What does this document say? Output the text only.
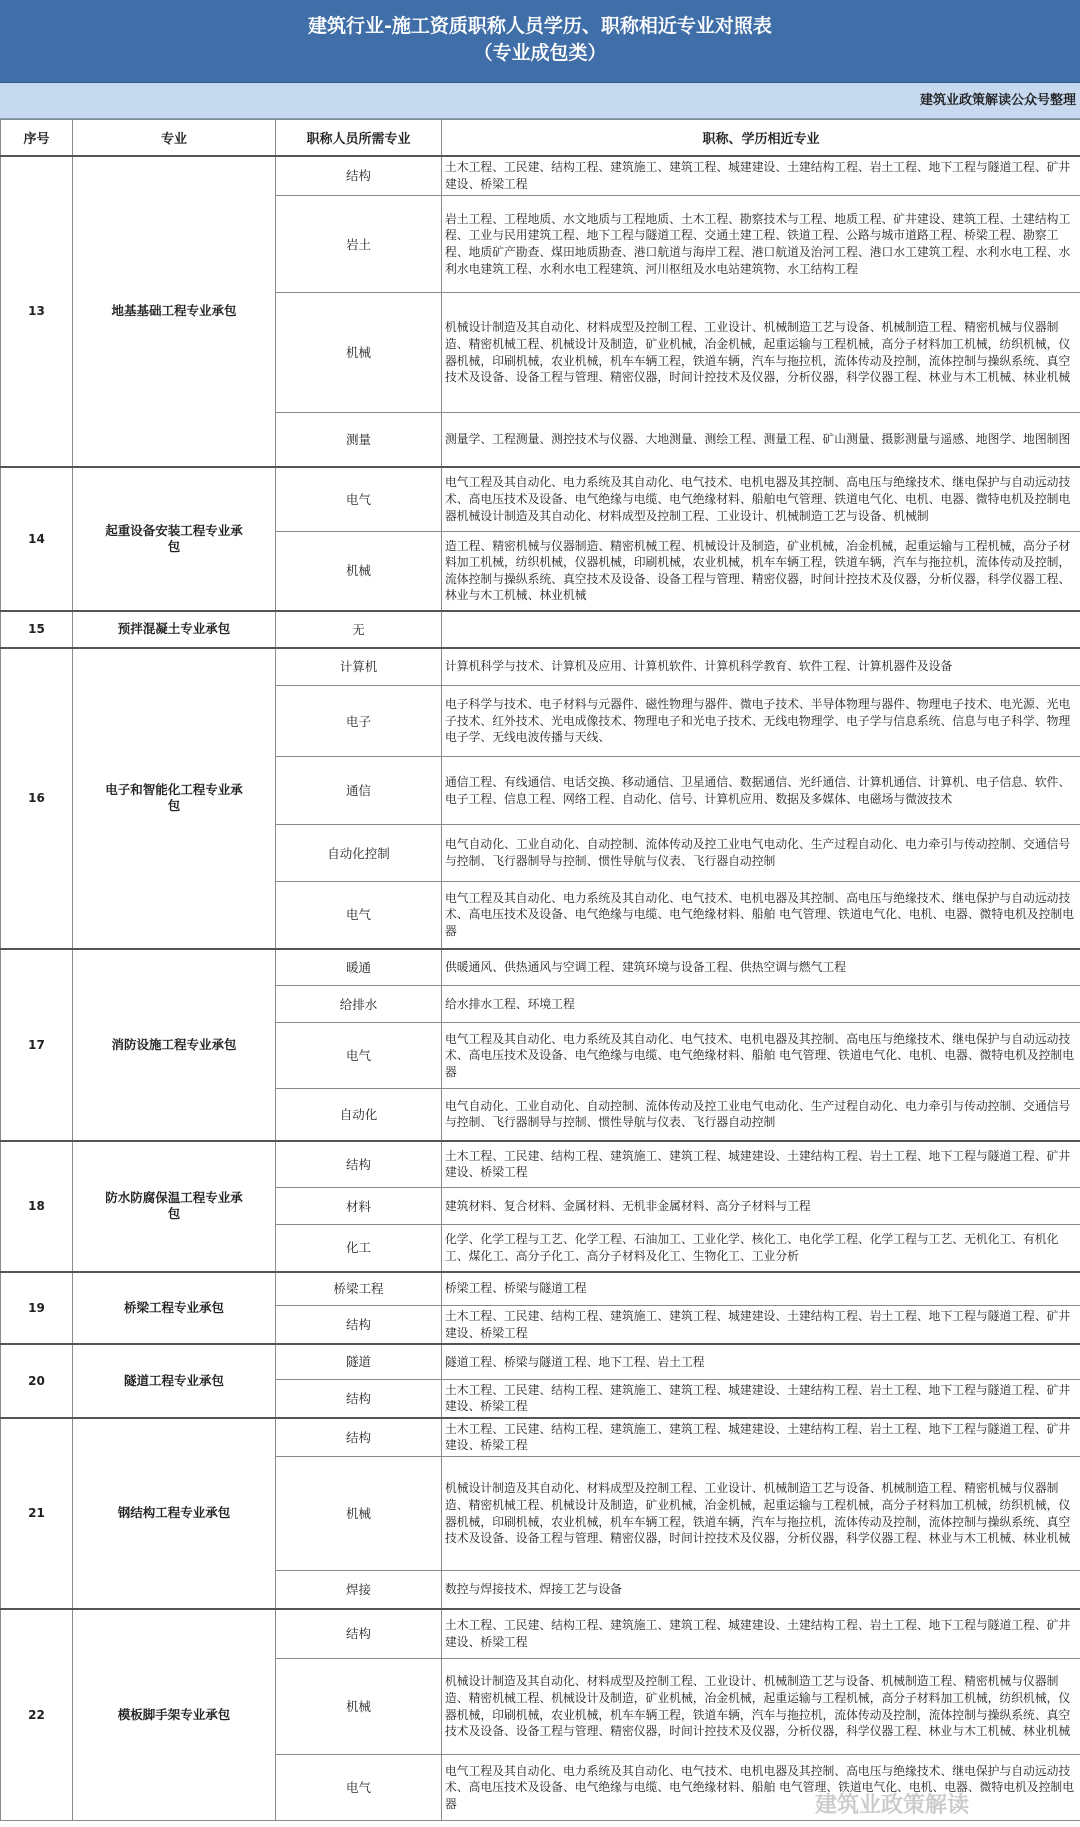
建筑行业-施工资质职称人员学历、职称相近专业对照表
（专业成包类）
建筑业政策解读公众号整理
序号	专业	职称人员所需专业	职称、学历相近专业
13	地基基础工程专业承包	结构	土木工程、工民建、结构工程、建筑施工、建筑工程、城建建设、土建结构工程、岩土工程、地下工程与隧道工程、矿井建设、桥梁工程
		岩土	岩土工程、工程地质、水文地质与工程地质、土木工程、勘察技术与工程、地质工程、矿井建设、建筑工程、土建结构工程、工业与民用建筑工程、地下工程与隧道工程、交通土建工程、铁道工程、公路与城市道路工程、桥梁工程、勘察工程、地质矿产勘查、煤田地质勘查、港口航道与海岸工程、港口航道及治河工程、港口水工建筑工程、水利水电工程、水利水电建筑工程、水利水电工程建筑、河川枢纽及水电站建筑物、水工结构工程
		机械	机械设计制造及其自动化、材料成型及控制工程、工业设计、机械制造工艺与设备、机械制造工程、精密机械与仪器制造、精密机械工程、机械设计及制造，矿业机械，冶金机械，起重运输与工程机械，高分子材料加工机械，纺织机械，仪器机械，印刷机械，农业机械，机车车辆工程，铁道车辆，汽车与拖拉机，流体传动及控制，流体控制与操纵系统、真空技术及设备、设备工程与管理、精密仪器，时间计控技术及仪器，分析仪器，科学仪器工程、林业与木工机械、林业机械
		测量	测量学、工程测量、测控技术与仪器、大地测量、测绘工程、测量工程、矿山测量、摄影测量与遥感、地图学、地图制图
14	起重设备安装工程专业承包	电气	电气工程及其自动化、电力系统及其自动化、电气技术、电机电器及其控制、高电压与绝缘技术、继电保护与自动远动技术、高电压技术及设备、电气绝缘与电缆、电气绝缘材料、船舶电气管理、铁道电气化、电机、电器、微特电机及控制电器机械设计制造及其自动化、材料成型及控制工程、工业设计、机械制造工艺与设备、机械制
		机械	造工程、精密机械与仪器制造、精密机械工程、机械设计及制造，矿业机械，冶金机械，起重运输与工程机械，高分子材料加工机械，纺织机械，仪器机械，印刷机械，农业机械，机车车辆工程，铁道车辆，汽车与拖拉机，流体传动及控制，流体控制与操纵系统、真空技术及设备、设备工程与管理、精密仪器，时间计控技术及仪器，分析仪器，科学仪器工程、林业与木工机械、林业机械
15	预拌混凝土专业承包	无	
16	电子和智能化工程专业承包	计算机	计算机科学与技术、计算机及应用、计算机软件、计算机科学教育、软件工程、计算机器件及设备
		电子	电子科学与技术、电子材料与元器件、磁性物理与器件、微电子技术、半导体物理与器件、物理电子技术、电光源、光电子技术、红外技术、光电成像技术、物理电子和光电子技术、无线电物理学、电子学与信息系统、信息与电子科学、物理电子学、无线电波传播与天线、
		通信	通信工程、有线通信、电话交换、移动通信、卫星通信、数据通信、光纤通信、计算机通信、计算机、电子信息、软件、电子工程、信息工程、网络工程、自动化、信号、计算机应用、数据及多媒体、电磁场与微波技术
		自动化控制	电气自动化、工业自动化、自动控制、流体传动及控工业电气电动化、生产过程自动化、电力牵引与传动控制、交通信号与控制、飞行器制导与控制、惯性导航与仪表、飞行器自动控制
		电气	电气工程及其自动化、电力系统及其自动化、电气技术、电机电器及其控制、高电压与绝缘技术、继电保护与自动远动技术、高电压技术及设备、电气绝缘与电缆、电气绝缘材料、船舶 电气管理、铁道电气化、电机、电器、微特电机及控制电器
17	消防设施工程专业承包	暖通	供暖通风、供热通风与空调工程、建筑环境与设备工程、供热空调与燃气工程
		给排水	给水排水工程、环境工程
		电气	电气工程及其自动化、电力系统及其自动化、电气技术、电机电器及其控制、高电压与绝缘技术、继电保护与自动远动技术、高电压技术及设备、电气绝缘与电缆、电气绝缘材料、船舶 电气管理、铁道电气化、电机、电器、微特电机及控制电器
		自动化	电气自动化、工业自动化、自动控制、流体传动及控工业电气电动化、生产过程自动化、电力牵引与传动控制、交通信号与控制、飞行器制导与控制、惯性导航与仪表、飞行器自动控制
18	防水防腐保温工程专业承包	结构	土木工程、工民建、结构工程、建筑施工、建筑工程、城建建设、土建结构工程、岩土工程、地下工程与隧道工程、矿井建设、桥梁工程
		材料	建筑材料、复合材料、金属材料、无机非金属材料、高分子材料与工程
		化工	化学、化学工程与工艺、化学工程、石油加工、工业化学、核化工、电化学工程、化学工程与工艺、无机化工、有机化工、煤化工、高分子化工、高分子材料及化工、生物化工、工业分析
19	桥梁工程专业承包	桥梁工程	桥梁工程、桥梁与隧道工程
		结构	土木工程、工民建、结构工程、建筑施工、建筑工程、城建建设、土建结构工程、岩土工程、地下工程与隧道工程、矿井建设、桥梁工程
20	隧道工程专业承包	隧道	隧道工程、桥梁与隧道工程、地下工程、岩土工程
		结构	土木工程、工民建、结构工程、建筑施工、建筑工程、城建建设、土建结构工程、岩土工程、地下工程与隧道工程、矿井建设、桥梁工程
21	钢结构工程专业承包	结构	土木工程、工民建、结构工程、建筑施工、建筑工程、城建建设、土建结构工程、岩土工程、地下工程与隧道工程、矿井建设、桥梁工程
		机械	机械设计制造及其自动化、材料成型及控制工程、工业设计、机械制造工艺与设备、机械制造工程、精密机械与仪器制造、精密机械工程、机械设计及制造，矿业机械，冶金机械，起重运输与工程机械，高分子材料加工机械，纺织机械，仪器机械，印刷机械，农业机械，机车车辆工程，铁道车辆，汽车与拖拉机，流体传动及控制，流体控制与操纵系统、真空技术及设备、设备工程与管理、精密仪器，时间计控技术及仪器，分析仪器，科学仪器工程、林业与木工机械、林业机械
		焊接	数控与焊接技术、焊接工艺与设备
22	模板脚手架专业承包	结构	土木工程、工民建、结构工程、建筑施工、建筑工程、城建建设、土建结构工程、岩土工程、地下工程与隧道工程、矿井建设、桥梁工程
		机械	机械设计制造及其自动化、材料成型及控制工程、工业设计、机械制造工艺与设备、机械制造工程、精密机械与仪器制造、精密机械工程、机械设计及制造，矿业机械，冶金机械，起重运输与工程机械，高分子材料加工机械，纺织机械，仪器机械，印刷机械，农业机械，机车车辆工程，铁道车辆，汽车与拖拉机，流体传动及控制，流体控制与操纵系统、真空技术及设备、设备工程与管理、精密仪器，时间计控技术及仪器，分析仪器，科学仪器工程、林业与木工机械、林业机械
		电气	电气工程及其自动化、电力系统及其自动化、电气技术、电机电器及其控制、高电压与绝缘技术、继电保护与自动远动技术、高电压技术及设备、电气绝缘与电缆、电气绝缘材料、船舶 电气管理、铁道电气化、电机、电器、微特电机及控制电器	建筑业政策解读
